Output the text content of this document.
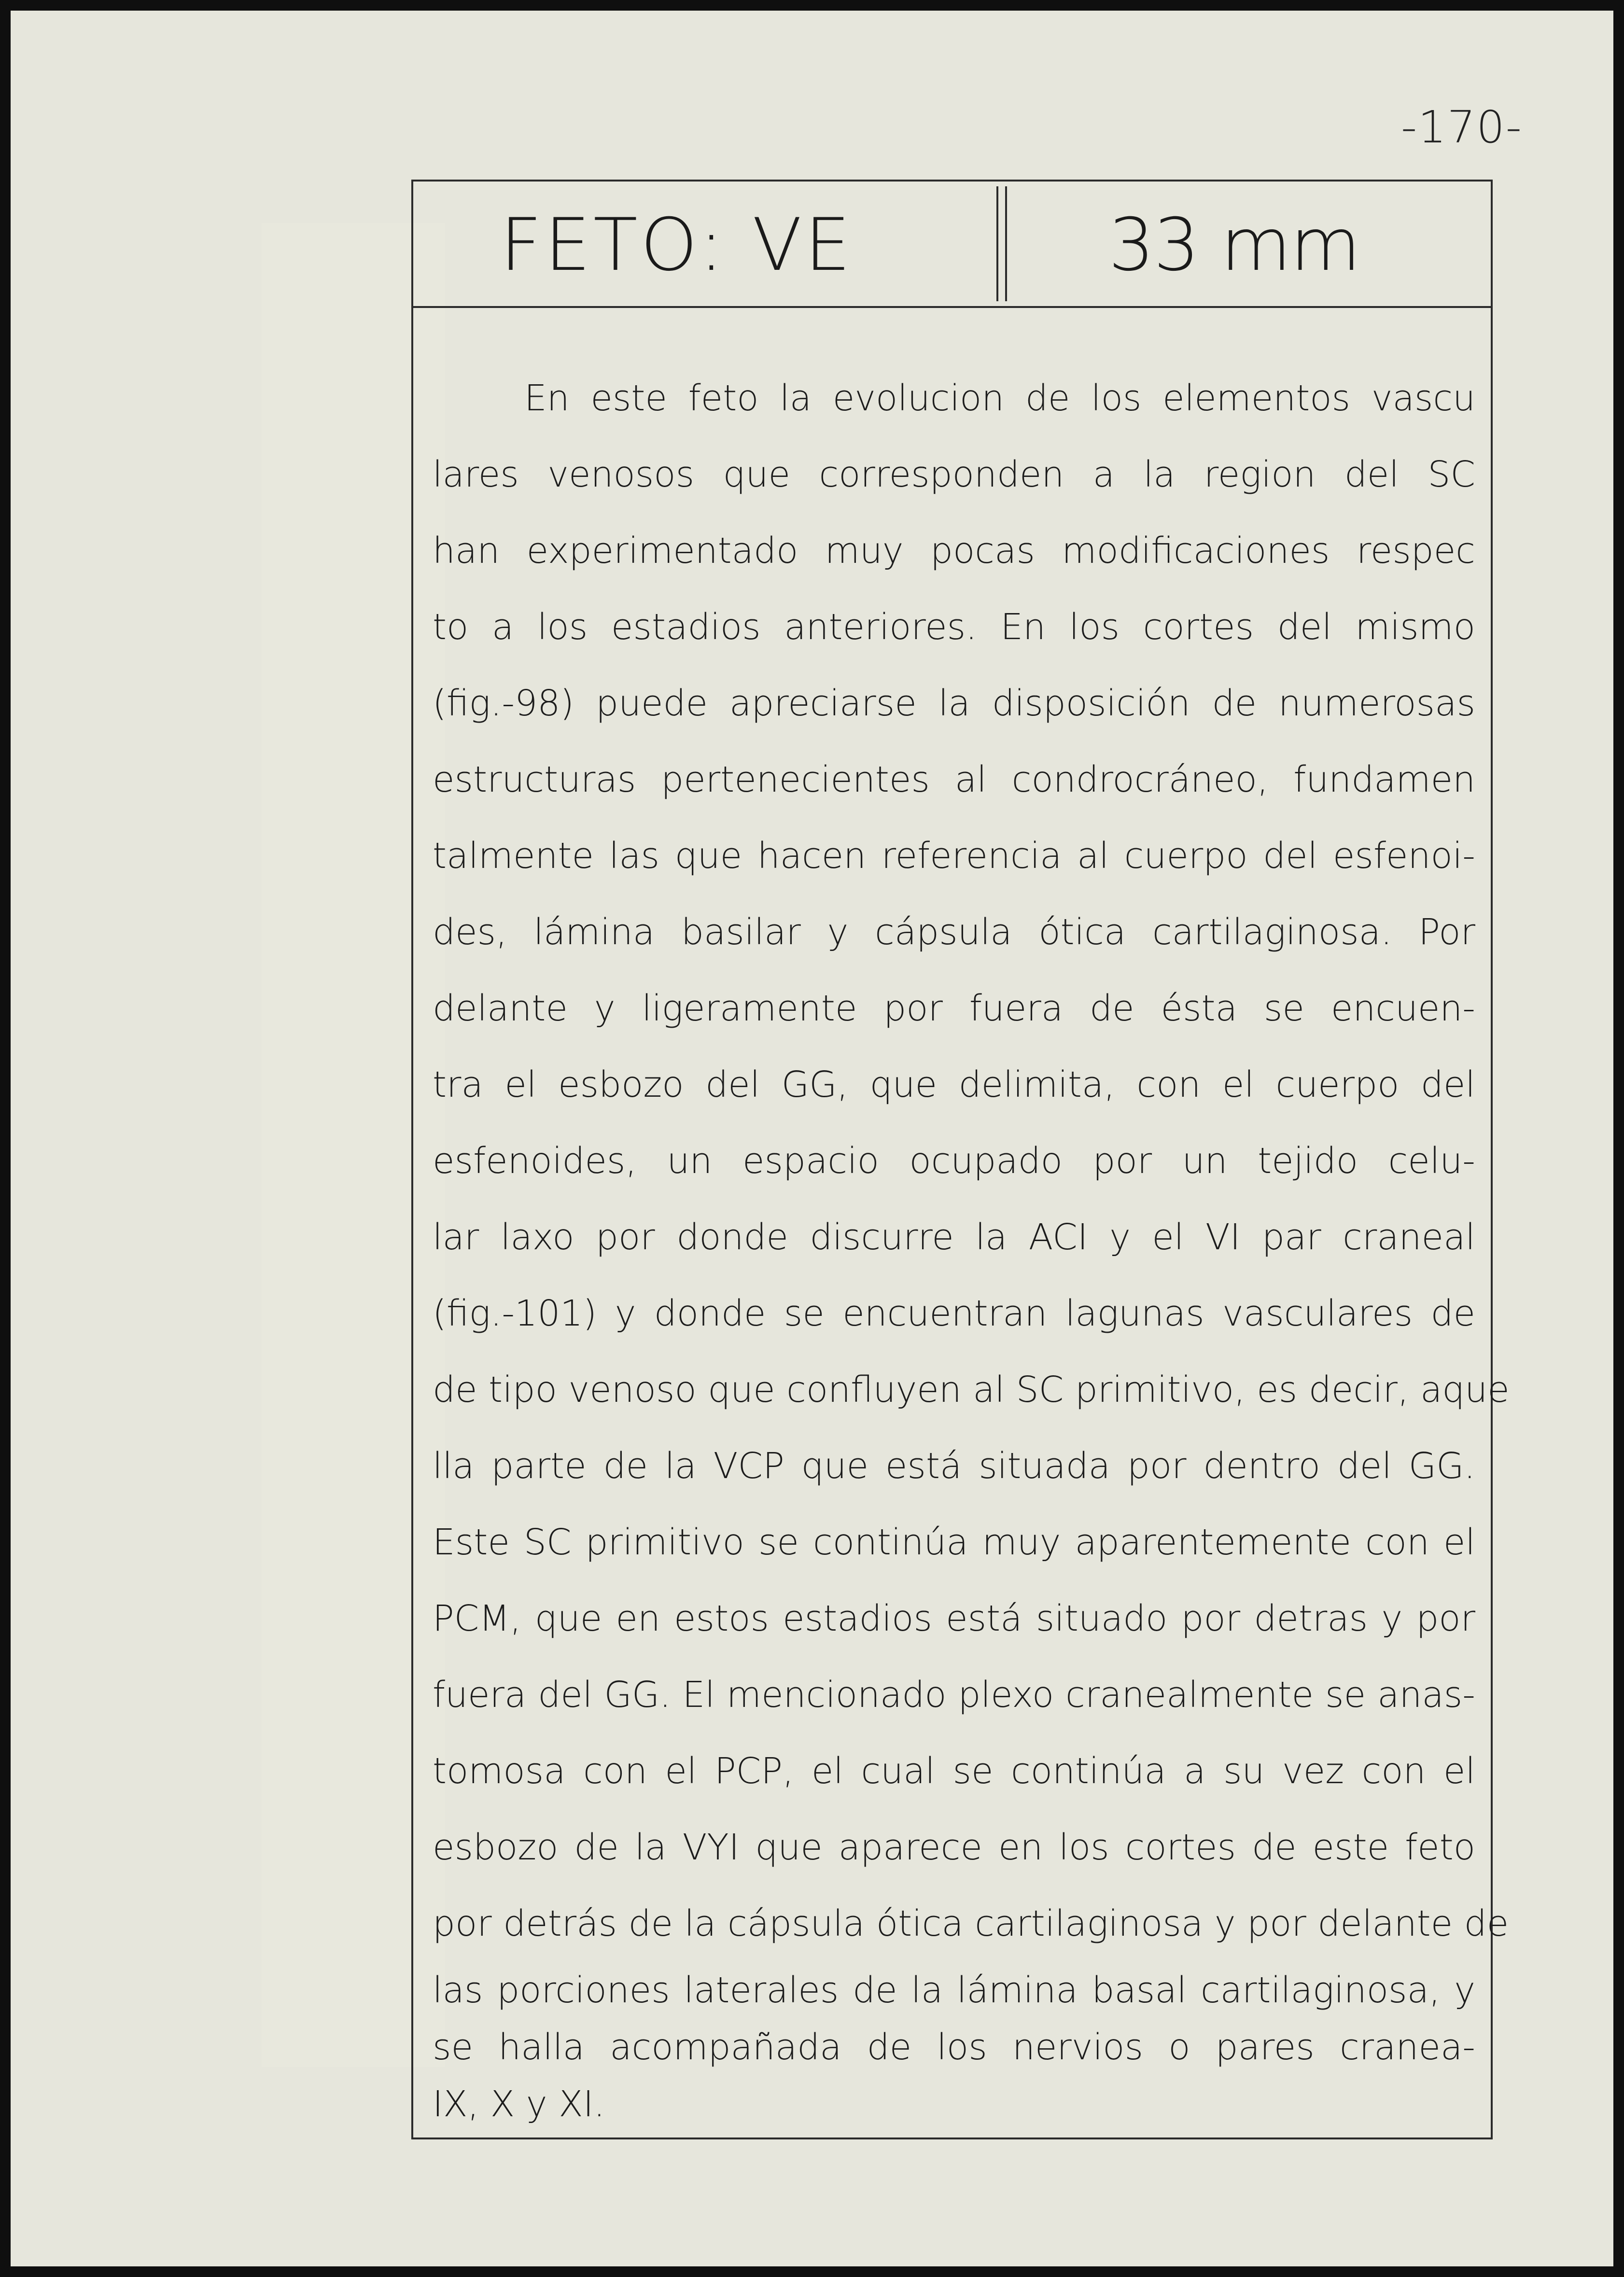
-170-
FETO: VE	33 mm
En este feto la evolucion de los elementos vascu
lares venosos que corresponden a la region del SC
han experimentado muy pocas modificaciones respec
to a los estadios anteriores. En los cortes del mismo
(fig.-98) puede apreciarse la disposición de numerosas
estructuras pertenecientes al condrocráneo, fundamen
talmente las que hacen referencia al cuerpo del esfenoi-
des, lámina basilar y cápsula ótica cartilaginosa. Por
delante y ligeramente por fuera de ésta se encuen-
tra el esbozo del GG, que delimita, con el cuerpo del
esfenoides, un espacio ocupado por un tejido celu-
lar laxo por donde discurre la ACI y el VI par craneal
(fig.-101) y donde se encuentran lagunas vasculares de
de tipo venoso que confluyen al SC primitivo, es decir, aque
lla parte de la VCP que está situada por dentro del GG.
Este SC primitivo se continúa muy aparentemente con el
PCM, que en estos estadios está situado por detras y por
fuera del GG. El mencionado plexo cranealmente se anas-
tomosa con el PCP, el cual se continúa a su vez con el
esbozo de la VYI que aparece en los cortes de este feto
por detrás de la cápsula ótica cartilaginosa y por delante de
las porciones laterales de la lámina basal cartilaginosa, y
se halla acompañada de los nervios o pares cranea-
IX, X y XI.
